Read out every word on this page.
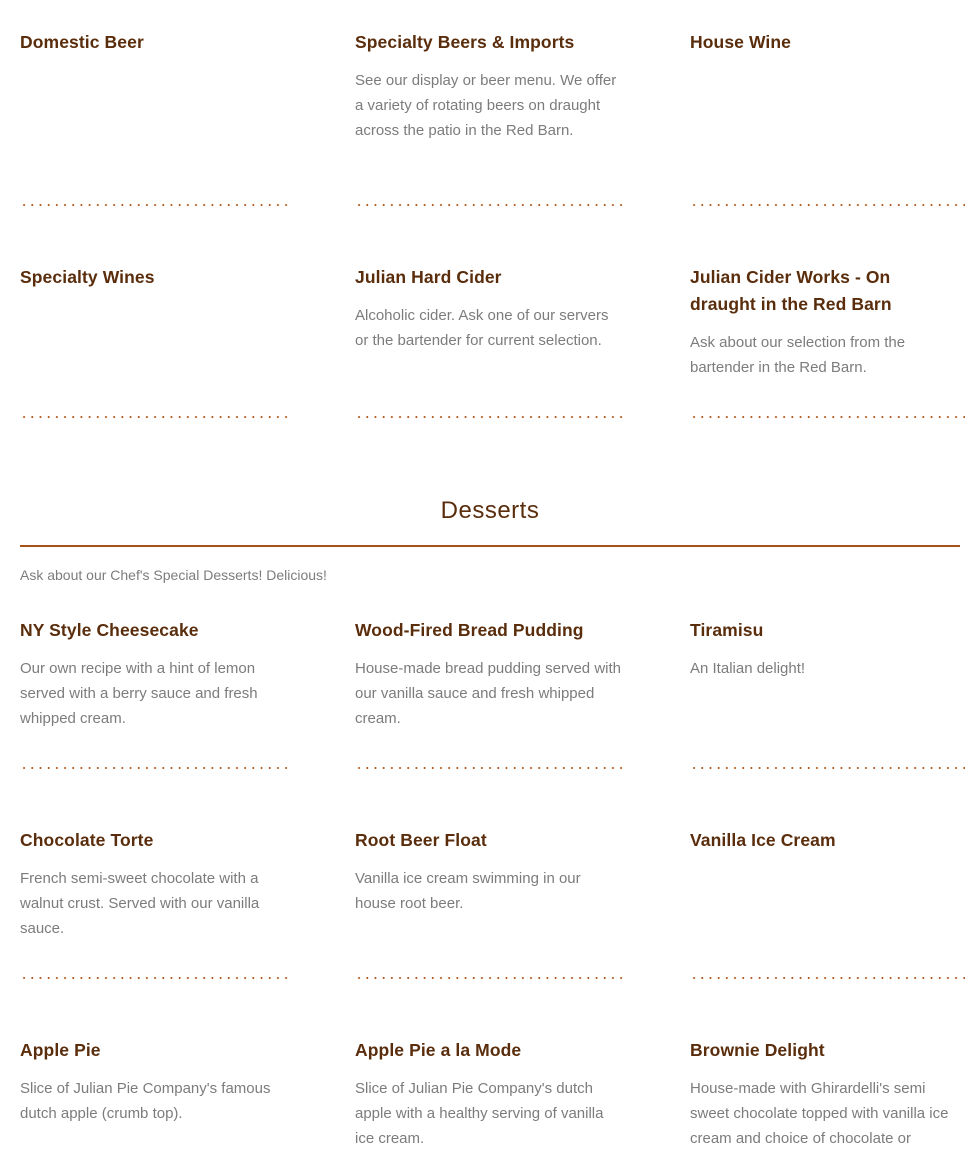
Domestic Beer	Specialty Beers & Imports

See our display or beer menu. We offer a variety of rotating beers on draught across the patio in the Red Barn.

House Wine

Specialty Wines	Julian Hard Cider

Alcoholic cider. Ask one of our servers or the bartender for current selection.

Julian Cider Works - On draught in the Red Barn

Ask about our selection from the bartender in the Red Barn.

Desserts
Ask about our Chef's Special Desserts! Delicious!
NY Style Cheesecake

Our own recipe with a hint of lemon served with a berry sauce and fresh whipped cream.

Wood-Fired Bread Pudding

House-made bread pudding served with our vanilla sauce and fresh whipped cream.

Tiramisu

An Italian delight!

Chocolate Torte

French semi-sweet chocolate with a walnut crust. Served with our vanilla sauce.

Root Beer Float

Vanilla ice cream swimming in our house root beer.

Vanilla Ice Cream

Apple Pie

Slice of Julian Pie Company's famous dutch apple (crumb top).

Apple Pie a la Mode

Slice of Julian Pie Company's dutch apple with a healthy serving of vanilla ice cream.

Brownie Delight

House-made with Ghirardelli's semi sweet chocolate topped with vanilla ice cream and choice of chocolate or
